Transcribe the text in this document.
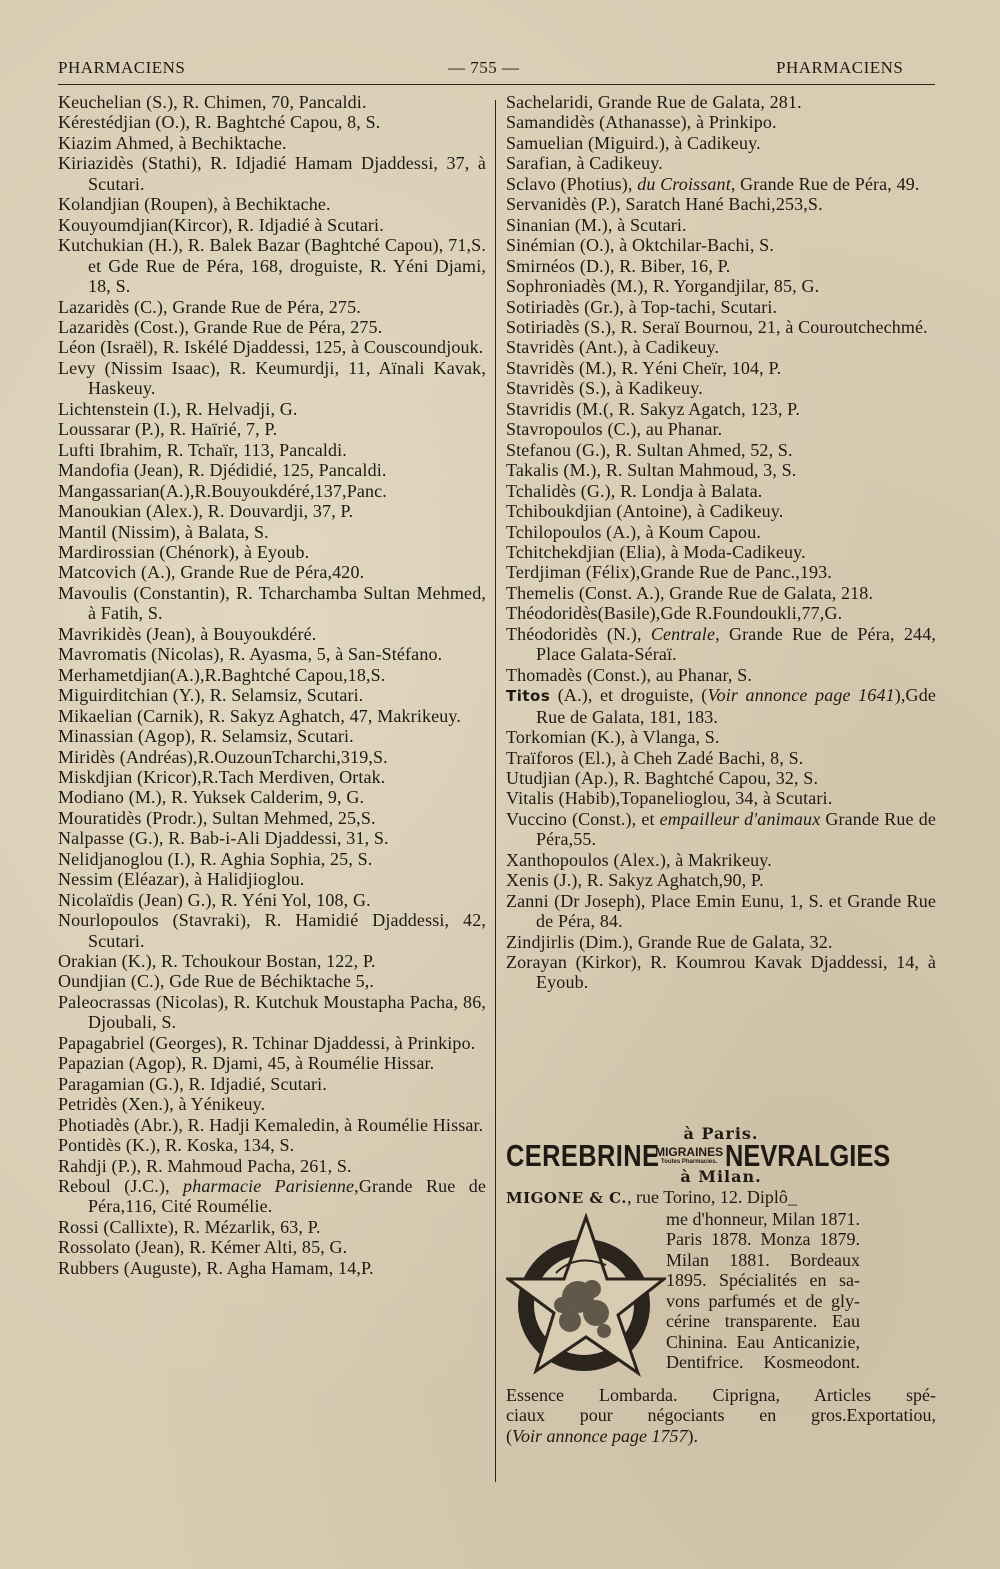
PHARMACIENS	— 755 —	PHARMACIENS

Keuchelian (S.), R. Chimen, 70, Pancaldi.

Kérestédjian (O.), R. Baghtché Capou, 8, S.

Kiazim Ahmed, à Bechiktache.

Kiriazidès (Stathi), R. Idjadié Hamam Djaddessi, 37, à Scutari.

Kolandjian (Roupen), à Bechiktache.

Kouyoumdjian(Kircor), R. Idjadié à Scutari.

Kutchukian (H.), R. Balek Bazar (Baghtché Capou), 71,S. et Gde Rue de Péra, 168, droguiste, R. Yéni Djami, 18, S.

Lazaridès (C.), Grande Rue de Péra, 275.

Lazaridès (Cost.), Grande Rue de Péra, 275.

Léon (Israël), R. Iskélé Djaddessi, 125, à Couscoundjouk.

Levy (Nissim Isaac), R. Keumurdji, 11, Aïnali Kavak, Haskeuy.

Lichtenstein (I.), R. Helvadji, G.

Loussarar (P.), R. Haïrié, 7, P.

Lufti Ibrahim, R. Tchaïr, 113, Pancaldi.

Mandofia (Jean), R. Djédidié, 125, Pancaldi.

Mangassarian(A.),R.Bouyoukdéré,137,Panc.

Manoukian (Alex.), R. Douvardji, 37, P.

Mantil (Nissim), à Balata, S.

Mardirossian (Chénork), à Eyoub.

Matcovich (A.), Grande Rue de Péra,420.

Mavoulis (Constantin), R. Tcharchamba Sultan Mehmed, à Fatih, S.

Mavrikidès (Jean), à Bouyoukdéré.

Mavromatis (Nicolas), R. Ayasma, 5, à San-Stéfano.

Merhametdjian(A.),R.Baghtché Capou,18,S.

Miguirditchian (Y.), R. Selamsiz, Scutari.

Mikaelian (Carnik), R. Sakyz Aghatch, 47, Makrikeuy.

Minassian (Agop), R. Selamsiz, Scutari.

Miridès (Andréas),R.OuzounTcharchi,319,S.

Miskdjian (Kricor),R.Tach Merdiven, Ortak.

Modiano (M.), R. Yuksek Calderim, 9, G.

Mouratidès (Prodr.), Sultan Mehmed, 25,S.

Nalpasse (G.), R. Bab-i-Ali Djaddessi, 31, S.

Nelidjanoglou (I.), R. Aghia Sophia, 25, S.

Nessim (Eléazar), à Halidjioglou.

Nicolaïdis (Jean) G.), R. Yéni Yol, 108, G.

Nourlopoulos (Stavraki), R. Hamidié Djaddessi, 42, Scutari.

Orakian (K.), R. Tchoukour Bostan, 122, P.

Oundjian (C.), Gde Rue de Béchiktache 5,.

Paleocrassas (Nicolas), R. Kutchuk Moustapha Pacha, 86, Djoubali, S.

Papagabriel (Georges), R. Tchinar Djaddessi, à Prinkipo.

Papazian (Agop), R. Djami, 45, à Roumélie Hissar.

Paragamian (G.), R. Idjadié, Scutari.

Petridès (Xen.), à Yénikeuy.

Photiadès (Abr.), R. Hadji Kemaledin, à Roumélie Hissar.

Pontidès (K.), R. Koska, 134, S.

Rahdji (P.), R. Mahmoud Pacha, 261, S.

Reboul (J.C.), pharmacie Parisienne,Grande Rue de Péra,116, Cité Roumélie.

Rossi (Callixte), R. Mézarlik, 63, P.

Rossolato (Jean), R. Kémer Alti, 85, G.

Rubbers (Auguste), R. Agha Hamam, 14,P.

Sachelaridi, Grande Rue de Galata, 281.

Samandidès (Athanasse), à Prinkipo.

Samuelian (Miguird.), à Cadikeuy.

Sarafian, à Cadikeuy.

Sclavo (Photius), du Croissant, Grande Rue de Péra, 49.

Servanidès (P.), Saratch Hané Bachi,253,S.

Sinanian (M.), à Scutari.

Sinémian (O.), à Oktchilar-Bachi, S.

Smirnéos (D.), R. Biber, 16, P.

Sophroniadès (M.), R. Yorgandjilar, 85, G.

Sotiriadès (Gr.), à Top-tachi, Scutari.

Sotiriadès (S.), R. Seraï Bournou, 21, à Couroutchechmé.

Stavridès (Ant.), à Cadikeuy.

Stavridès (M.), R. Yéni Cheïr, 104, P.

Stavridès (S.), à Kadikeuy.

Stavridis (M.(, R. Sakyz Agatch, 123, P.

Stavropoulos (C.), au Phanar.

Stefanou (G.), R. Sultan Ahmed, 52, S.

Takalis (M.), R. Sultan Mahmoud, 3, S.

Tchalidès (G.), R. Londja à Balata.

Tchiboukdjian (Antoine), à Cadikeuy.

Tchilopoulos (A.), à Koum Capou.

Tchitchekdjian (Elia), à Moda-Cadikeuy.

Terdjiman (Félix),Grande Rue de Panc.,193.

Themelis (Const. A.), Grande Rue de Galata, 218.

Théodoridès(Basile),Gde R.Foundoukli,77,G.

Théodoridès (N.), Centrale, Grande Rue de Péra, 244, Place Galata-Séraï.

Thomadès (Const.), au Phanar, S.

Titos (A.), et droguiste, (Voir annonce page 1641),Gde Rue de Galata, 181, 183.

Torkomian (K.), à Vlanga, S.

Traïforos (El.), à Cheh Zadé Bachi, 8, S.

Utudjian (Ap.), R. Baghtché Capou, 32, S.

Vitalis (Habib),Topanelioglou, 34, à Scutari.

Vuccino (Const.), et empailleur d'animaux Grande Rue de Péra,55.

Xanthopoulos (Alex.), à Makrikeuy.

Xenis (J.), R. Sakyz Aghatch,90, P.

Zanni (Dr Joseph), Place Emin Eunu, 1, S. et Grande Rue de Péra, 84.

Zindjirlis (Dim.), Grande Rue de Galata, 32.

Zorayan (Kirkor), R. Koumrou Kavak Djaddessi, 14, à Eyoub.

à Paris.
CEREBRINE
MIGRAINES
Toutes Pharmacies. NEVRALGIES
à Milan.
MIGONE & C., rue Torino, 12. Diplô_

me d'honneur, Milan 1871.

Paris 1878. Monza 1879.

Milan 1881. Bordeaux

1895. Spécialités en sa-

vons parfumés et de gly-

cérine transparente. Eau

Chinina. Eau Anticanizie,

Dentifrice. Kosmeodont.

Essence Lombarda. Ciprigna, Articles spé-

ciaux pour négociants en gros.Exportatiou,

(Voir annonce page 1757).
